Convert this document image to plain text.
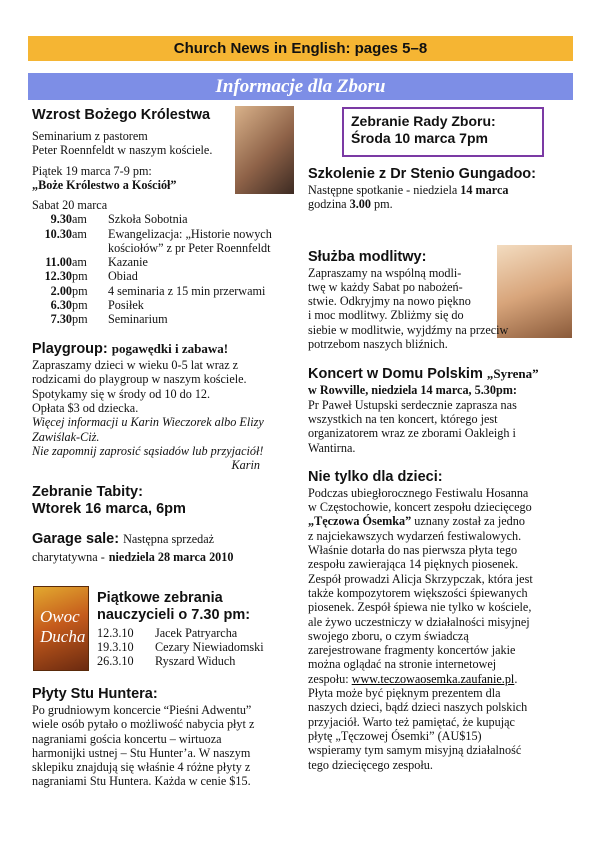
Church News in English: pages 5–8
Informacje dla Zboru
Zebranie Rady Zboru:
Środa 10 marca 7pm
Wzrost Bożego Królestwa

Seminarium z pastorem

Peter Roennfeldt w naszym kościele.

Piątek 19 marca 7-9 pm:

„Boże Królestwo a Kościół”

Sabat 20 marca

9.30	am	Szkoła Sobotnia
10.30	am	Ewangelizacja: „Historie nowych
		kościołów” z pr Peter Roennfeldt
11.00	am	Kazanie
12.30	pm	Obiad
2.00	pm	4 seminaria z 15 min przerwami
6.30	pm	Posiłek
7.30	pm	Seminarium
Playgroup: pogawędki i zabawa!

Zapraszamy dzieci w wieku 0-5 lat wraz z

rodzicami do playgroup w naszym kościele.

Spotykamy się w środy od 10 do 12.

Opłata $3 od dziecka.

Więcej informacji u Karin Wieczorek albo Elizy

Zawiślak-Ciż.

Nie zapomnij zaprosić sąsiadów lub przyjaciół!

Karin

Zebranie Tabity:
Wtorek 16 marca, 6pm
Garage sale: Następna sprzedaż
charytatywna - niedziela 28 marca 2010
Owoc Ducha
Piątkowe zebrania
nauczycieli o 7.30 pm:
12.3.10	Jacek Patryarcha
19.3.10	Cezary Niewiadomski
26.3.10	Ryszard Widuch
Płyty Stu Huntera:

Po grudniowym koncercie “Pieśni Adwentu”

wiele osób pytało o możliwość nabycia płyt z

nagraniami gościa koncertu – wirtuoza

harmonijki ustnej – Stu Hunter’a. W naszym

sklepiku znajdują się właśnie 4 różne płyty z

nagraniami Stu Huntera. Każda w cenie $15.

Szkolenie z Dr Stenio Gungadoo:

Następne spotkanie - niedziela 14 marca

godzina 3.00 pm.

Służba modlitwy:

Zapraszamy na wspólną modli-

twę w każdy Sabat po nabożeń-

stwie. Odkryjmy na nowo piękno

i moc modlitwy. Zbliżmy się do

siebie w modlitwie, wyjdźmy na przeciw

potrzebom naszych bliźnich.

Koncert w Domu Polskim „Syrena”

w Rowville, niedziela 14 marca, 5.30pm:

Pr Paweł Ustupski serdecznie zaprasza nas

wszystkich na ten koncert, którego jest

organizatorem wraz ze zborami Oakleigh i

Wantirna.

Nie tylko dla dzieci:

Podczas ubiegłorocznego Festiwalu Hosanna

w Częstochowie, koncert zespołu dziecięcego

„Tęczowa Ósemka” uznany został za jedno

z najciekawszych wydarzeń festiwalowych.

Właśnie dotarła do nas pierwsza płyta tego

zespołu zawierająca 14 pięknych piosenek.

Zespół prowadzi Alicja Skrzypczak, która jest

także kompozytorem większości śpiewanych

piosenek. Zespół śpiewa nie tylko w kościele,

ale żywo uczestniczy w działalności misyjnej

swojego zboru, o czym świadczą

zarejestrowane fragmenty koncertów jakie

można oglądać na stronie internetowej

zespołu: www.teczowaosemka.zaufanie.pl.

Płyta może być pięknym prezentem dla

naszych dzieci, bądź dzieci naszych polskich

przyjaciół. Warto też pamiętać, że kupując

płytę „Tęczowej Ósemki” (AU$15)

wspieramy tym samym misyjną działalność

tego dziecięcego zespołu.
